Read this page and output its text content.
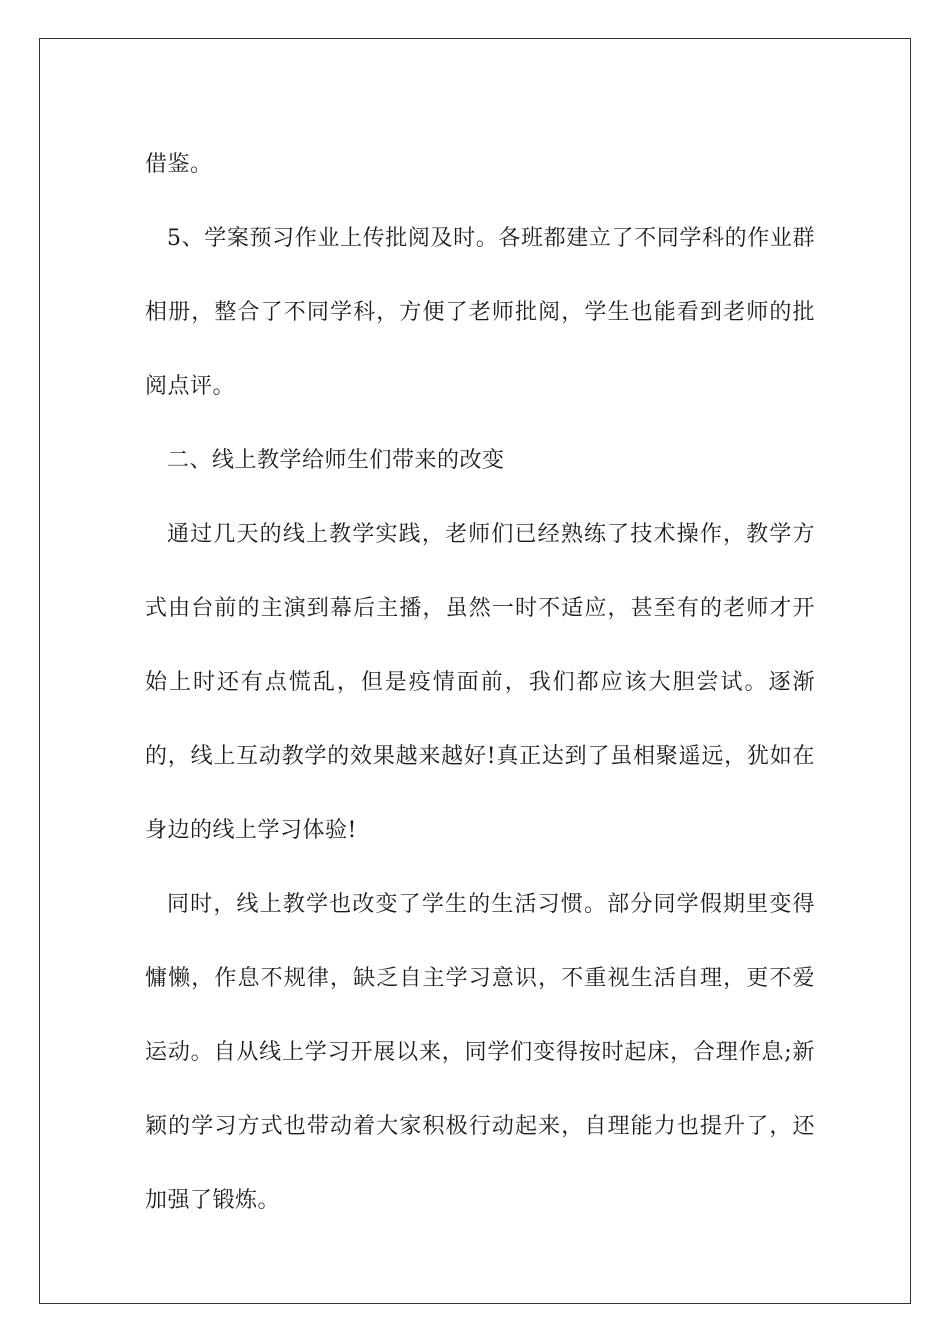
借鉴。

5、学案预习作业上传批阅及时。各班都建立了不同学科的作业群相册，整合了不同学科，方便了老师批阅，学生也能看到老师的批阅点评。

二、线上教学给师生们带来的改变

通过几天的线上教学实践，老师们已经熟练了技术操作，教学方式由台前的主演到幕后主播，虽然一时不适应，甚至有的老师才开始上时还有点慌乱，但是疫情面前，我们都应该大胆尝试。逐渐的，线上互动教学的效果越来越好!真正达到了虽相聚遥远，犹如在身边的线上学习体验!

同时，线上教学也改变了学生的生活习惯。部分同学假期里变得慵懒，作息不规律，缺乏自主学习意识，不重视生活自理，更不爱运动。自从线上学习开展以来，同学们变得按时起床，合理作息;新颖的学习方式也带动着大家积极行动起来，自理能力也提升了，还加强了锻炼。
